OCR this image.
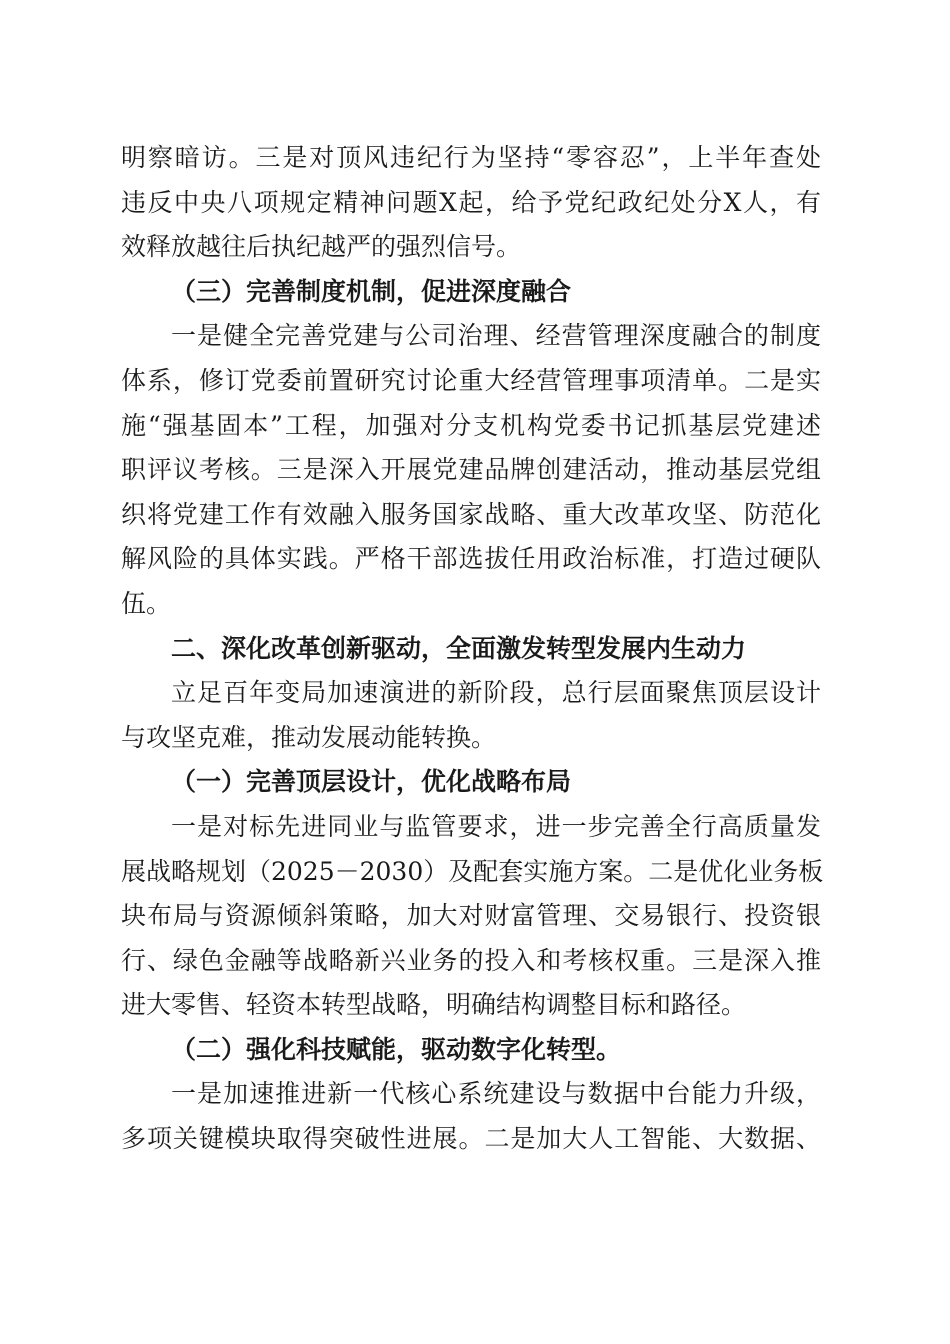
明察暗访。三是对顶风违纪行为坚持“零容忍”，上半年查处
违反中央八项规定精神问题X起，给予党纪政纪处分X人，有
效释放越往后执纪越严的强烈信号。
（三）完善制度机制，促进深度融合
一是健全完善党建与公司治理、经营管理深度融合的制度
体系，修订党委前置研究讨论重大经营管理事项清单。二是实
施“强基固本”工程，加强对分支机构党委书记抓基层党建述
职评议考核。三是深入开展党建品牌创建活动，推动基层党组
织将党建工作有效融入服务国家战略、重大改革攻坚、防范化
解风险的具体实践。严格干部选拔任用政治标准，打造过硬队
伍。
二、深化改革创新驱动，全面激发转型发展内生动力
立足百年变局加速演进的新阶段，总行层面聚焦顶层设计
与攻坚克难，推动发展动能转换。
（一）完善顶层设计，优化战略布局
一是对标先进同业与监管要求，进一步完善全行高质量发
展战略规划（2025－2030）及配套实施方案。二是优化业务板
块布局与资源倾斜策略，加大对财富管理、交易银行、投资银
行、绿色金融等战略新兴业务的投入和考核权重。三是深入推
进大零售、轻资本转型战略，明确结构调整目标和路径。
（二）强化科技赋能，驱动数字化转型。
一是加速推进新一代核心系统建设与数据中台能力升级，
多项关键模块取得突破性进展。二是加大人工智能、大数据、
